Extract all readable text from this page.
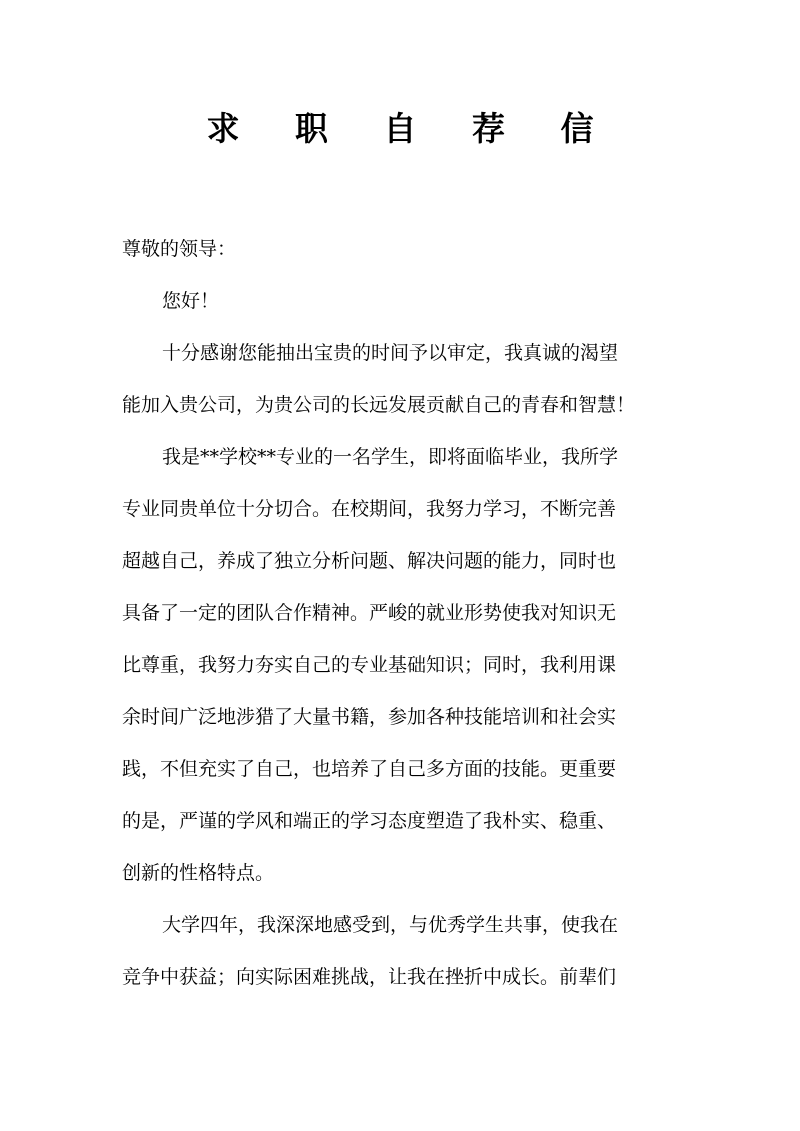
求 职 自 荐 信
尊敬的领导：
您好！
十分感谢您能抽出宝贵的时间予以审定，我真诚的渴望
能加入贵公司，为贵公司的长远发展贡献自己的青春和智慧！
我是**学校**专业的一名学生，即将面临毕业，我所学
专业同贵单位十分切合。在校期间，我努力学习，不断完善
超越自己，养成了独立分析问题、解决问题的能力，同时也
具备了一定的团队合作精神。严峻的就业形势使我对知识无
比尊重，我努力夯实自己的专业基础知识；同时，我利用课
余时间广泛地涉猎了大量书籍，参加各种技能培训和社会实
践，不但充实了自己，也培养了自己多方面的技能。更重要
的是，严谨的学风和端正的学习态度塑造了我朴实、稳重、
创新的性格特点。
大学四年，我深深地感受到，与优秀学生共事，使我在
竞争中获益；向实际困难挑战，让我在挫折中成长。前辈们
